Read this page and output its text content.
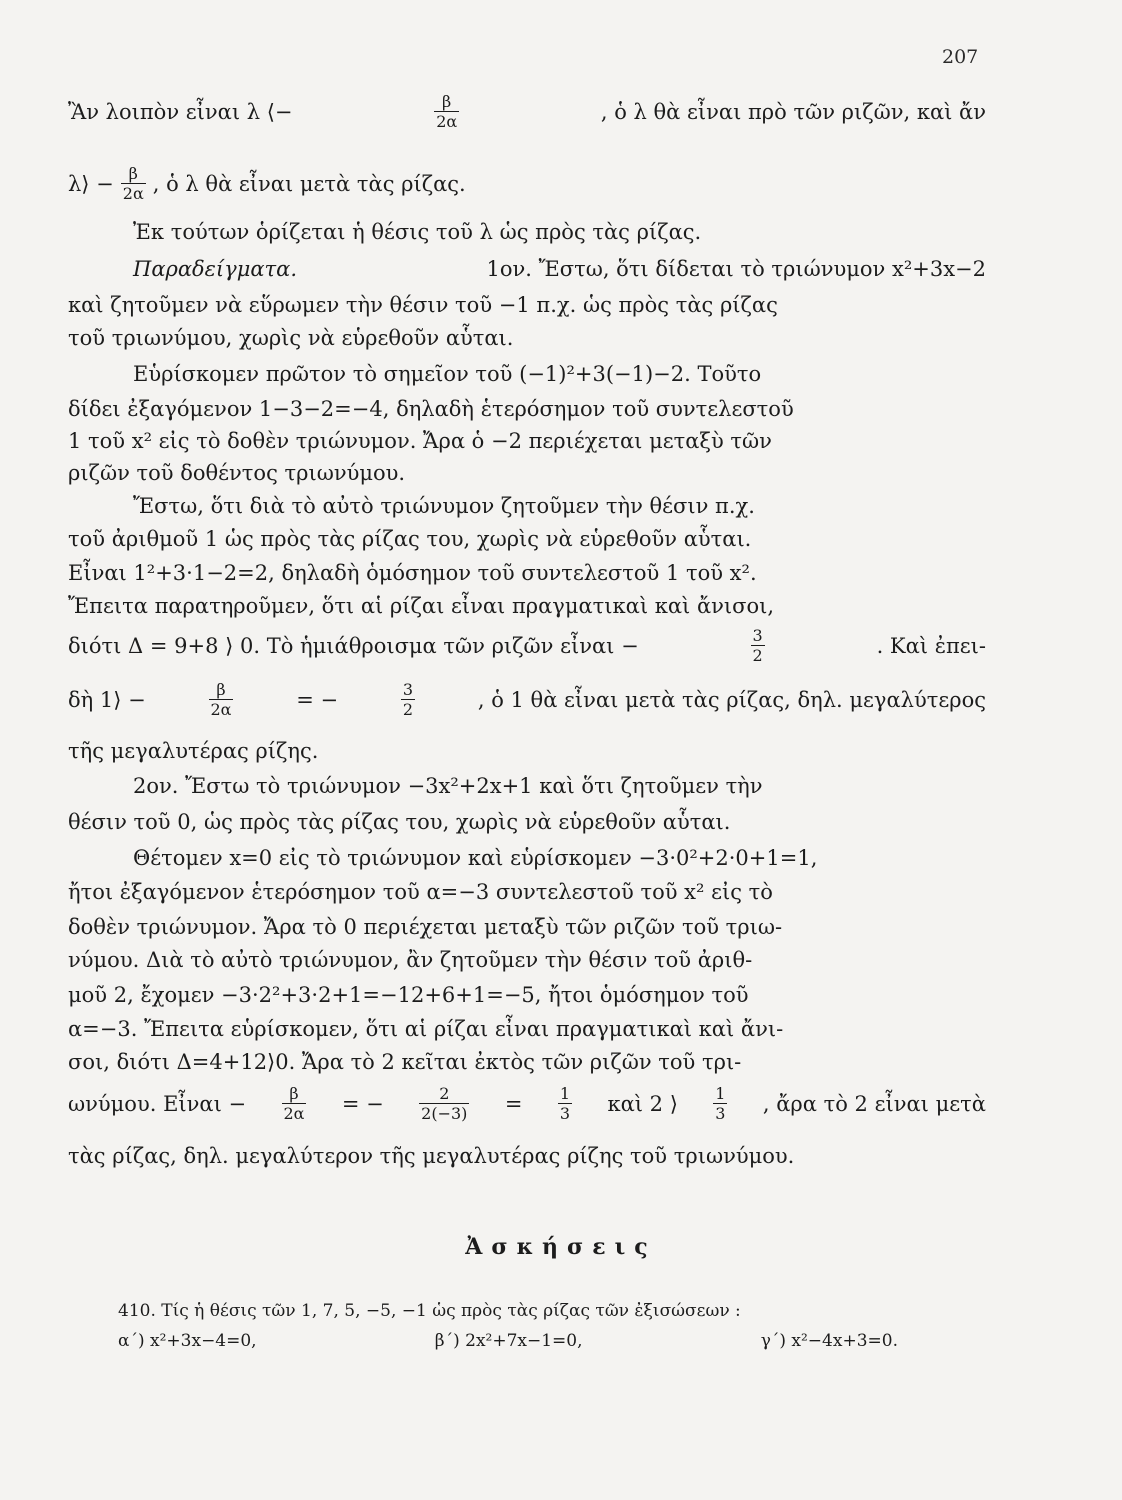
207
Ἂν λοιπὸν εἶναι λ ⟨−	$\frac{\beta}{2\alpha}$	, ὁ λ θὰ εἶναι πρὸ τῶν ριζῶν, καὶ ἄν
λ⟩ − $\frac{\beta}{2\alpha}$ , ὁ λ θὰ εἶναι μετὰ τὰς ρίζας.
Ἐκ τούτων ὁρίζεται ἡ θέσις τοῦ λ ὡς πρὸς τὰς ρίζας.
Παραδείγματα.	1ον. Ἔστω, ὅτι δίδεται τὸ τριώνυμον x²+3x−2
καὶ ζητοῦμεν νὰ εὕρωμεν τὴν θέσιν τοῦ −1 π.χ. ὡς πρὸς τὰς ρίζας
τοῦ τριωνύμου, χωρὶς νὰ εὑρεθοῦν αὗται.
Εὑρίσκομεν πρῶτον τὸ σημεῖον τοῦ (−1)²+3(−1)−2. Τοῦτο
δίδει ἐξαγόμενον 1−3−2=−4, δηλαδὴ ἑτερόσημον τοῦ συντελεστοῦ
1 τοῦ x² εἰς τὸ δοθὲν τριώνυμον. Ἄρα ὁ −2 περιέχεται μεταξὺ τῶν
ριζῶν τοῦ δοθέντος τριωνύμου.
Ἔστω, ὅτι διὰ τὸ αὐτὸ τριώνυμον ζητοῦμεν τὴν θέσιν π.χ.
τοῦ ἀριθμοῦ 1 ὡς πρὸς τὰς ρίζας του, χωρὶς νὰ εὑρεθοῦν αὗται.
Εἶναι 1²+3·1−2=2, δηλαδὴ ὁμόσημον τοῦ συντελεστοῦ 1 τοῦ x².
Ἔπειτα παρατηροῦμεν, ὅτι αἱ ρίζαι εἶναι πραγματικαὶ καὶ ἄνισοι,
διότι Δ = 9+8 ⟩ 0. Τὸ ἡμιάθροισμα τῶν ριζῶν εἶναι −	$\frac{3}{2}$	. Καὶ ἐπει-
δὴ 1⟩ −	$\frac{\beta}{2\alpha}$	= −	$\frac{3}{2}$	, ὁ 1 θὰ εἶναι μετὰ τὰς ρίζας, δηλ. μεγαλύτερος
τῆς μεγαλυτέρας ρίζης.
2ον. Ἔστω τὸ τριώνυμον −3x²+2x+1 καὶ ὅτι ζητοῦμεν τὴν
θέσιν τοῦ 0, ὡς πρὸς τὰς ρίζας του, χωρὶς νὰ εὑρεθοῦν αὗται.
Θέτομεν x=0 εἰς τὸ τριώνυμον καὶ εὑρίσκομεν −3·0²+2·0+1=1,
ἤτοι ἐξαγόμενον ἑτερόσημον τοῦ α=−3 συντελεστοῦ τοῦ x² εἰς τὸ
δοθὲν τριώνυμον. Ἄρα τὸ 0 περιέχεται μεταξὺ τῶν ριζῶν τοῦ τριω-
νύμου. Διὰ τὸ αὐτὸ τριώνυμον, ἂν ζητοῦμεν τὴν θέσιν τοῦ ἀριθ-
μοῦ 2, ἔχομεν −3·2²+3·2+1=−12+6+1=−5, ἤτοι ὁμόσημον τοῦ
α=−3. Ἔπειτα εὑρίσκομεν, ὅτι αἱ ρίζαι εἶναι πραγματικαὶ καὶ ἄνι-
σοι, διότι Δ=4+12⟩0. Ἄρα τὸ 2 κεῖται ἐκτὸς τῶν ριζῶν τοῦ τρι-
ωνύμου. Εἶναι − $\frac{\beta}{2\alpha}$ = − $\frac{2}{2(-3)} = \frac{1}{3}$ καὶ 2 ⟩ 1
3 , ἄρα τὸ 2 εἶναι μετὰ
τὰς ρίζας, δηλ. μεγαλύτερον τῆς μεγαλυτέρας ρίζης τοῦ τριωνύμου.
Ἀσκήσεις
410. Τίς ἡ θέσις τῶν 1, 7, 5, −5, −1 ὡς πρὸς τὰς ρίζας τῶν ἐξισώσεων :
α΄) x²+3x−4=0,	β΄) 2x²+7x−1=0,	γ΄) x²−4x+3=0.
